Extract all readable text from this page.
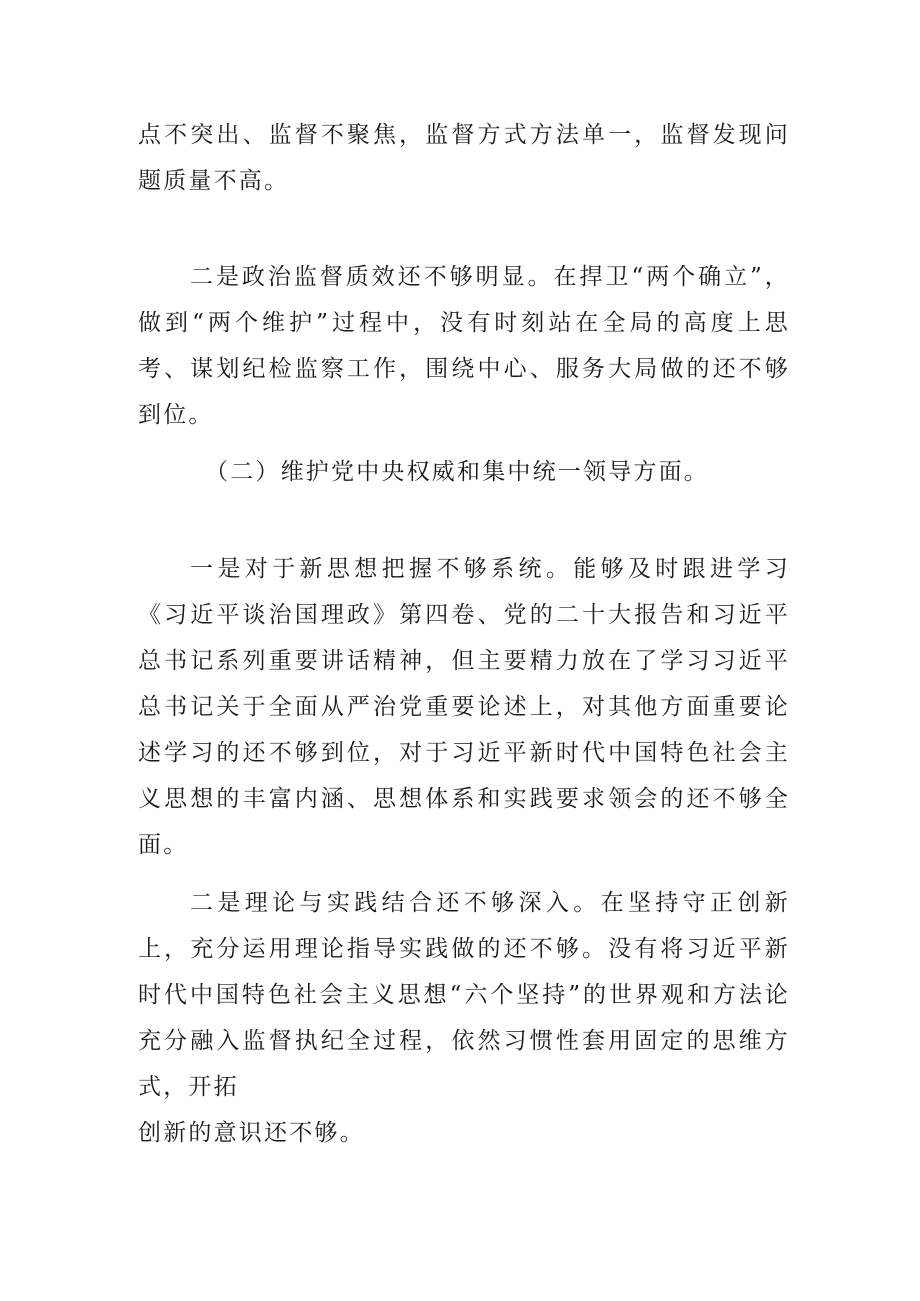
点不突出、监督不聚焦，监督方式方法单一，监督发现问题质量不高。

二是政治监督质效还不够明显。在捍卫“两个确立”，做到“两个维护”过程中，没有时刻站在全局的高度上思考、谋划纪检监察工作，围绕中心、服务大局做的还不够到位。

（二）维护党中央权威和集中统一领导方面。

一是对于新思想把握不够系统。能够及时跟进学习《习近平谈治国理政》第四卷、党的二十大报告和习近平总书记系列重要讲话精神，但主要精力放在了学习习近平总书记关于全面从严治党重要论述上，对其他方面重要论述学习的还不够到位，对于习近平新时代中国特色社会主义思想的丰富内涵、思想体系和实践要求领会的还不够全面。

二是理论与实践结合还不够深入。在坚持守正创新上，充分运用理论指导实践做的还不够。没有将习近平新时代中国特色社会主义思想“六个坚持”的世界观和方法论充分融入监督执纪全过程，依然习惯性套用固定的思维方式，开拓

创新的意识还不够。
